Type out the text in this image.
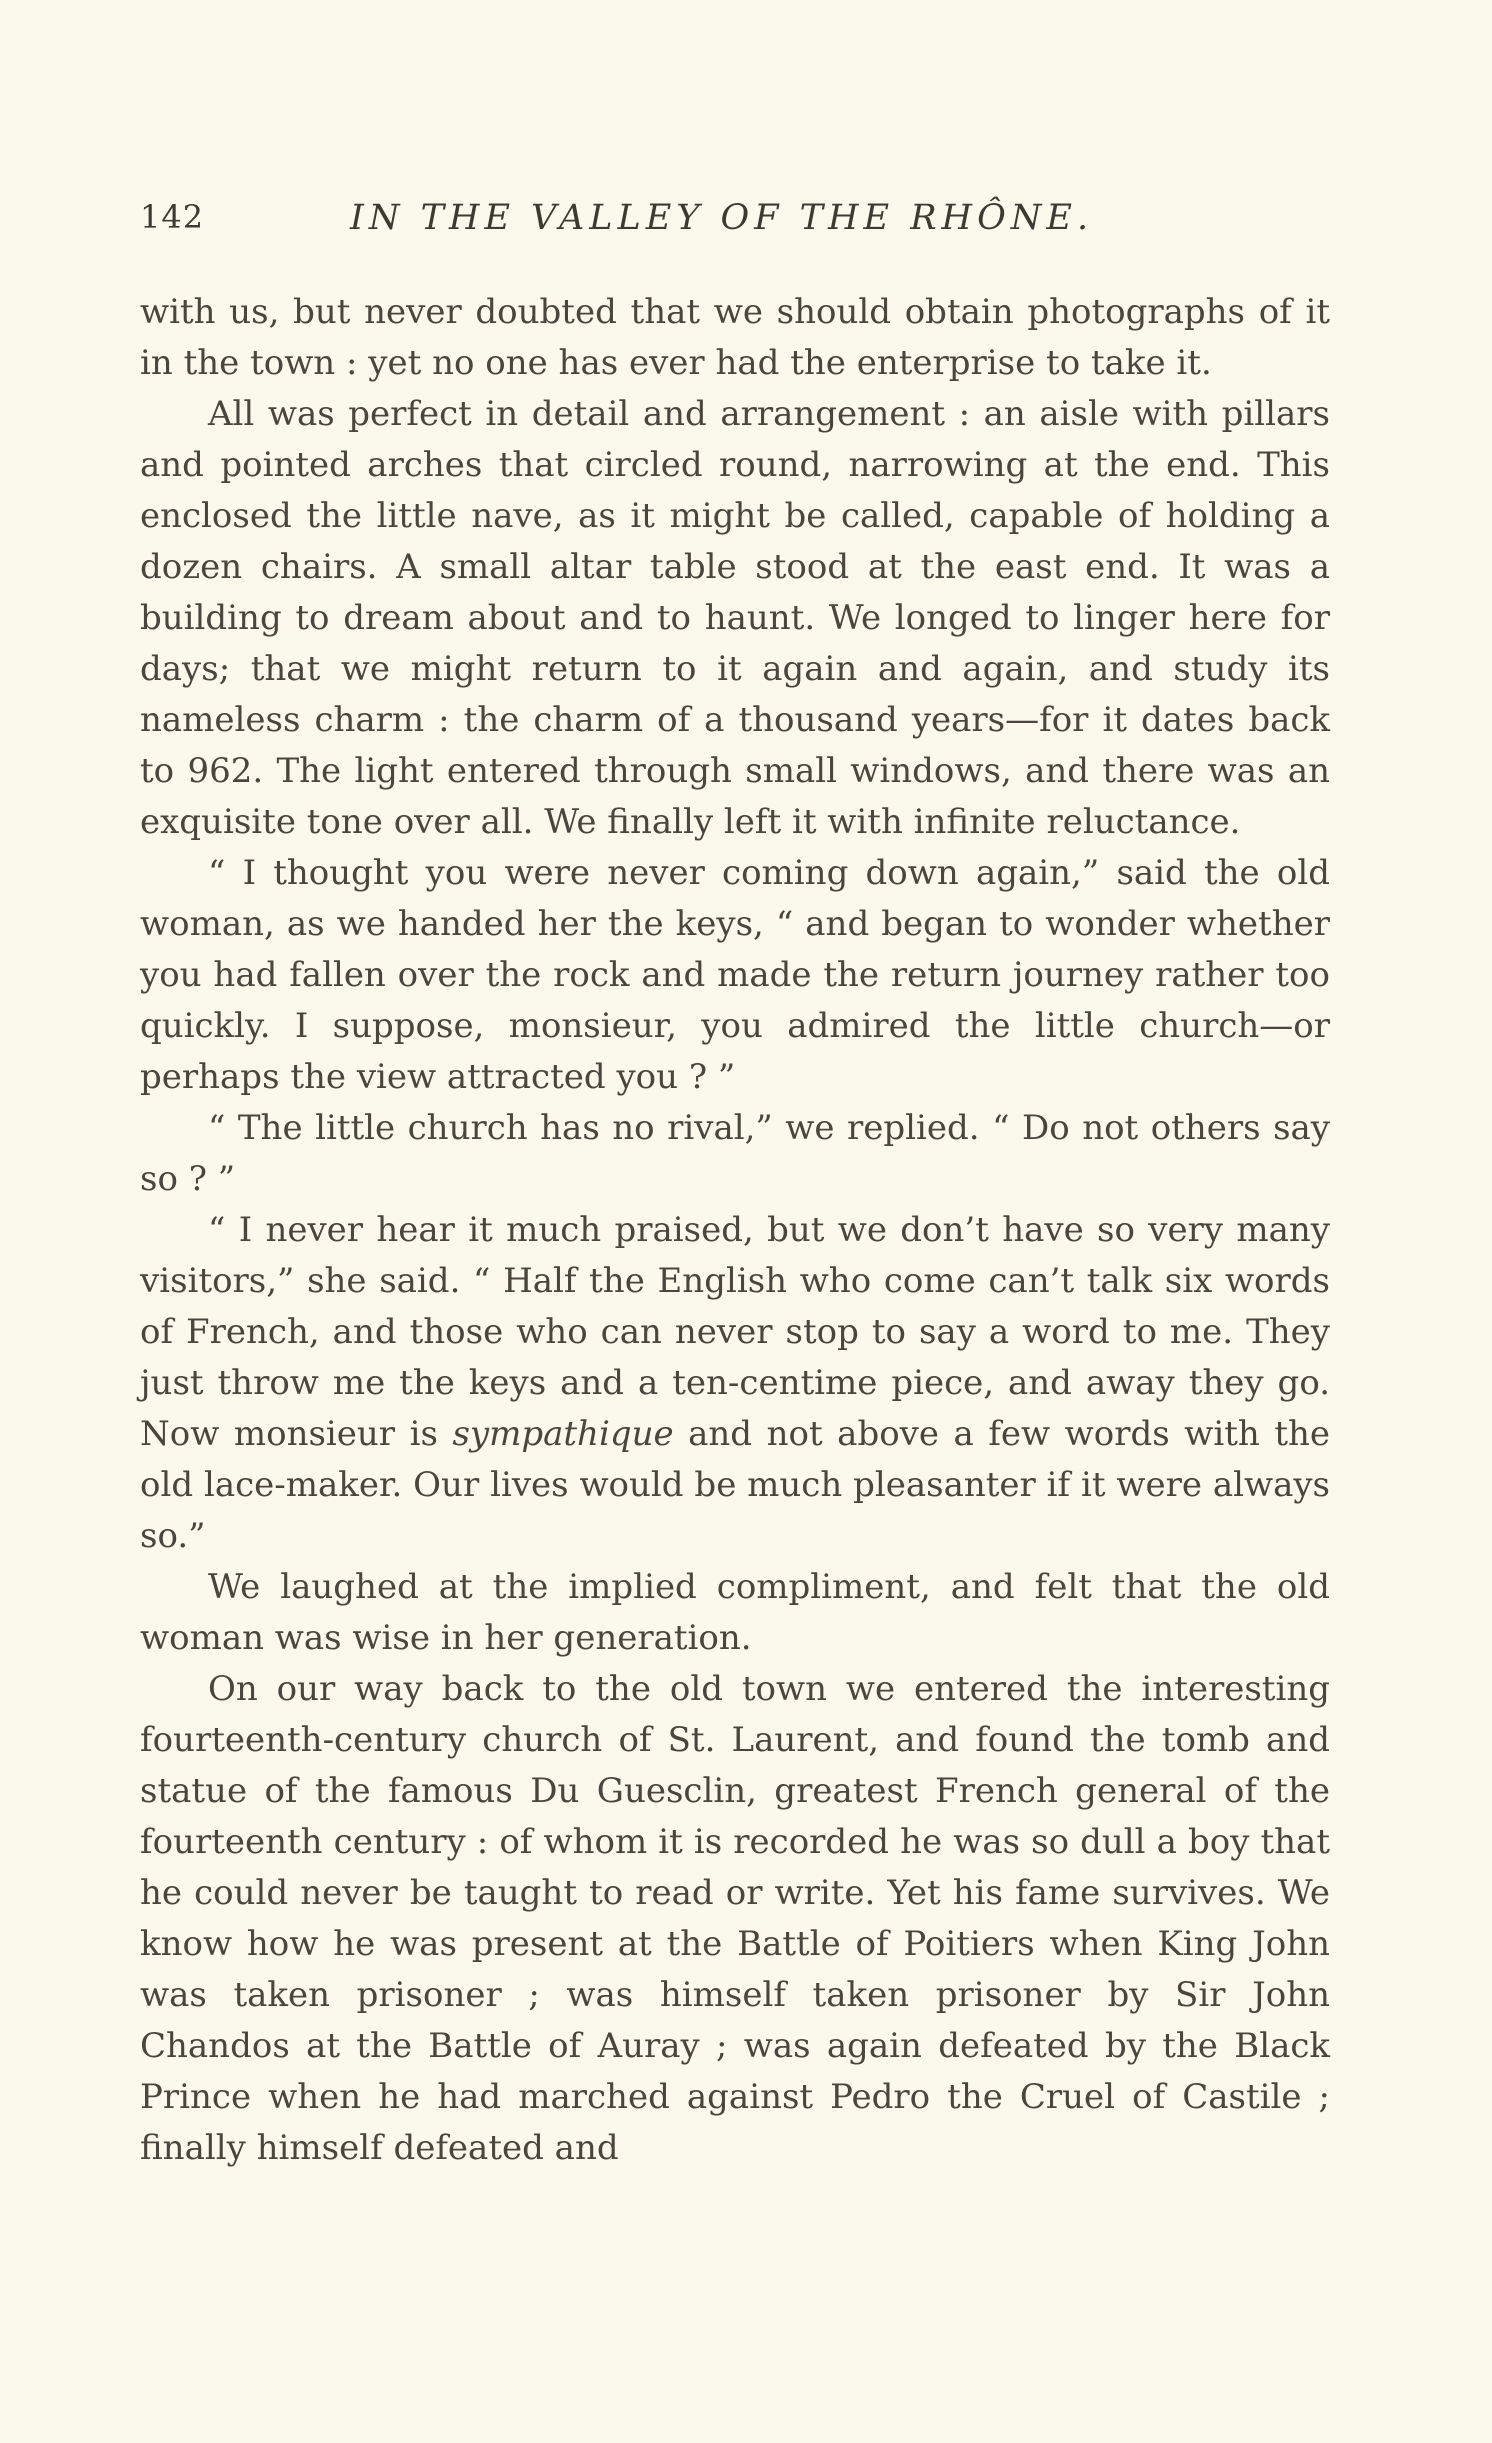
142	IN THE VALLEY OF THE RHÔNE.

with us, but never doubted that we should obtain photographs of it in the town : yet no one has ever had the enterprise to take it.

All was perfect in detail and arrangement : an aisle with pillars and pointed arches that circled round, narrowing at the end. This enclosed the little nave, as it might be called, capable of holding a dozen chairs. A small altar table stood at the east end. It was a building to dream about and to haunt. We longed to linger here for days; that we might return to it again and again, and study its nameless charm : the charm of a thousand years—for it dates back to 962. The light entered through small windows, and there was an exquisite tone over all. We finally left it with infinite reluctance.

“ I thought you were never coming down again,” said the old woman, as we handed her the keys, “ and began to wonder whether you had fallen over the rock and made the return journey rather too quickly. I suppose, monsieur, you admired the little church—or perhaps the view attracted you ? ”

“ The little church has no rival,” we replied. “ Do not others say so ? ”

“ I never hear it much praised, but we don’t have so very many visitors,” she said. “ Half the English who come can’t talk six words of French, and those who can never stop to say a word to me. They just throw me the keys and a ten-centime piece, and away they go. Now monsieur is sympathique and not above a few words with the old lace-maker. Our lives would be much pleasanter if it were always so.”

We laughed at the implied compliment, and felt that the old woman was wise in her generation.

On our way back to the old town we entered the interesting fourteenth-century church of St. Laurent, and found the tomb and statue of the famous Du Guesclin, greatest French general of the fourteenth century : of whom it is recorded he was so dull a boy that he could never be taught to read or write. Yet his fame survives. We know how he was present at the Battle of Poitiers when King John was taken prisoner ; was himself taken prisoner by Sir John Chandos at the Battle of Auray ; was again defeated by the Black Prince when he had marched against Pedro the Cruel of Castile ; finally himself defeated and
